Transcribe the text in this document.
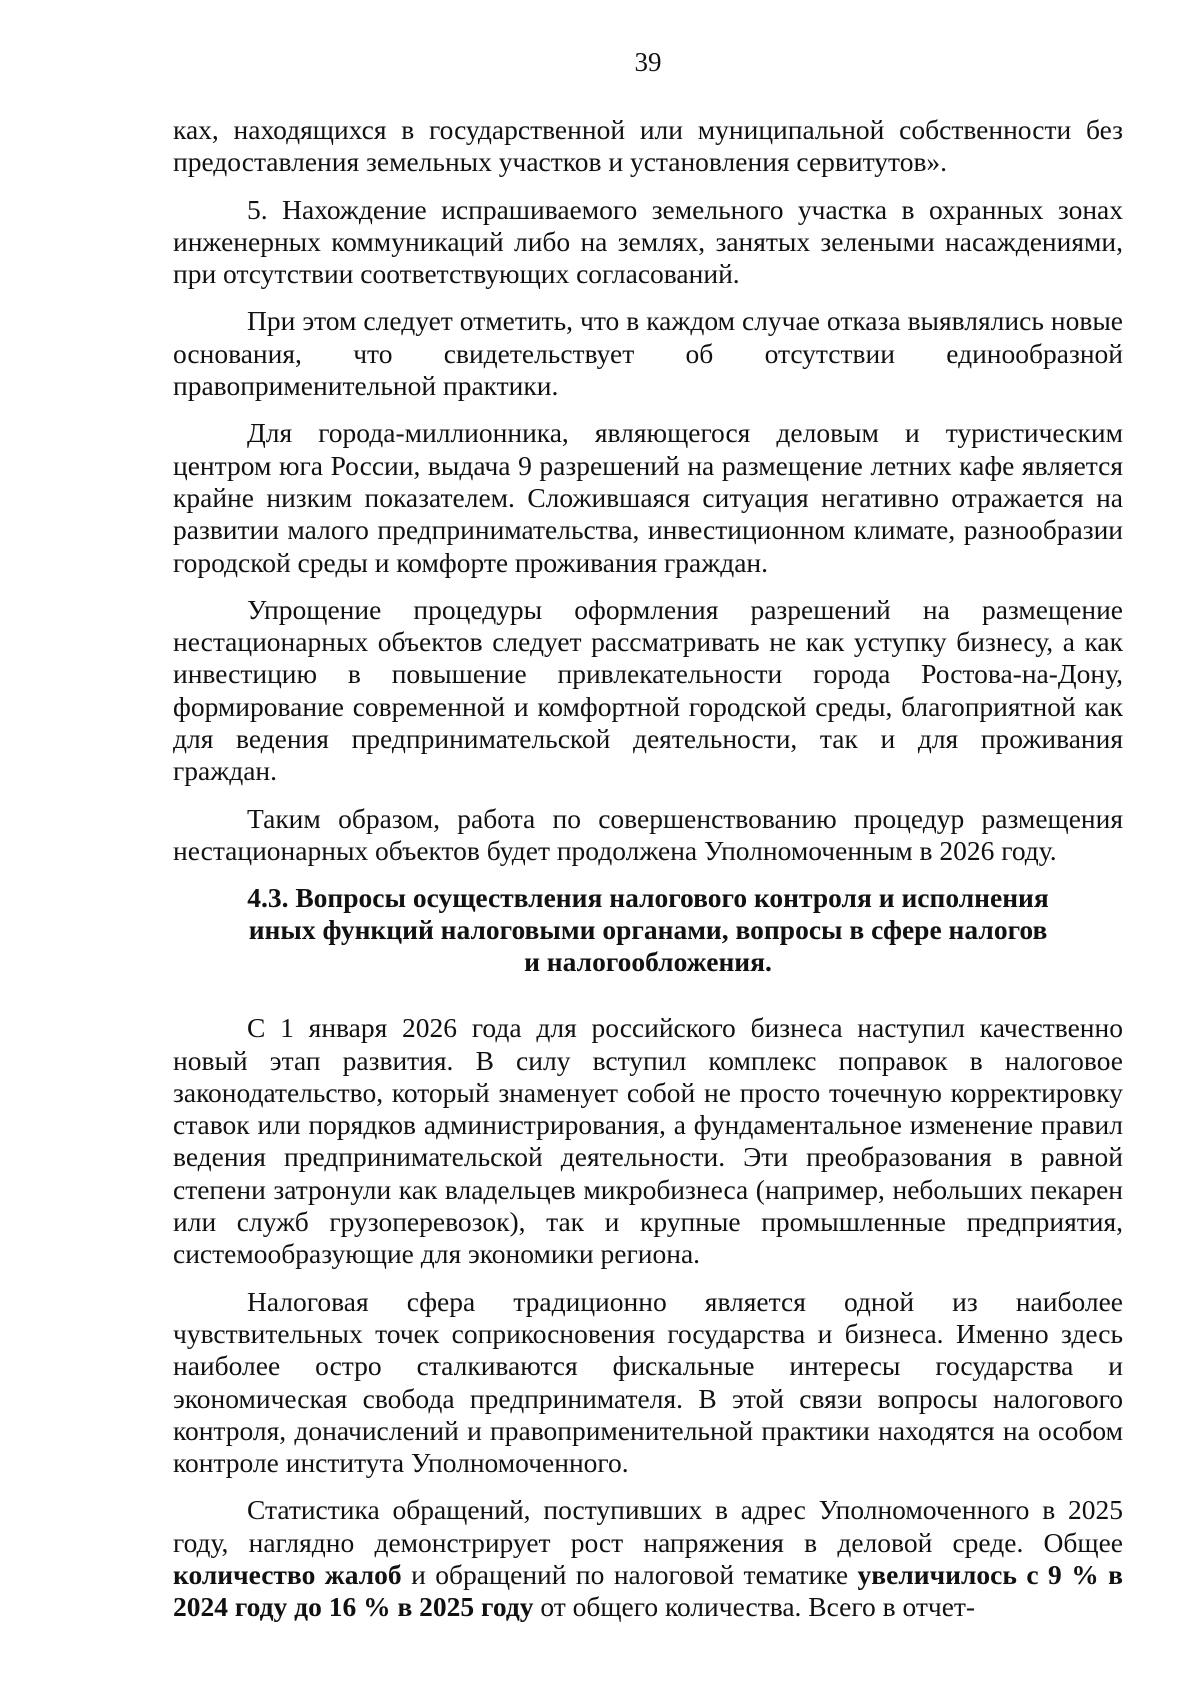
39

ках, находящихся в государственной или муниципальной собственности без предоставления земельных участков и установления сервитутов».

5. Нахождение испрашиваемого земельного участка в охранных зонах инженерных коммуникаций либо на землях, занятых зелеными насаждениями, при отсутствии соответствующих согласований.

При этом следует отметить, что в каждом случае отказа выявлялись новые основания, что свидетельствует об отсутствии единообразной правоприменительной практики.

Для города-миллионника, являющегося деловым и туристическим центром юга России, выдача 9 разрешений на размещение летних кафе является крайне низким показателем. Сложившаяся ситуация негативно отражается на развитии малого предпринимательства, инвестиционном климате, разнообразии городской среды и комфорте проживания граждан.

Упрощение процедуры оформления разрешений на размещение нестационарных объектов следует рассматривать не как уступку бизнесу, а как инвестицию в повышение привлекательности города Ростова-на-Дону, формирование современной и комфортной городской среды, благоприятной как для ведения предпринимательской деятельности, так и для проживания граждан.

Таким образом, работа по совершенствованию процедур размещения нестационарных объектов будет продолжена Уполномоченным в 2026 году.

4.3. Вопросы осуществления налогового контроля и исполнения
иных функций налоговыми органами, вопросы в сфере налогов
и налогообложения.

С 1 января 2026 года для российского бизнеса наступил качественно новый этап развития. В силу вступил комплекс поправок в налоговое законодательство, который знаменует собой не просто точечную корректировку ставок или порядков администрирования, а фундаментальное изменение правил ведения предпринимательской деятельности. Эти преобразования в равной степени затронули как владельцев микробизнеса (например, небольших пекарен или служб грузоперевозок), так и крупные промышленные предприятия, системообразующие для экономики региона.

Налоговая сфера традиционно является одной из наиболее чувствительных точек соприкосновения государства и бизнеса. Именно здесь наиболее остро сталкиваются фискальные интересы государства и экономическая свобода предпринимателя. В этой связи вопросы налогового контроля, доначислений и правоприменительной практики находятся на особом контроле института Уполномоченного.

Статистика обращений, поступивших в адрес Уполномоченного в 2025 году, наглядно демонстрирует рост напряжения в деловой среде. Общее количество жалоб и обращений по налоговой тематике увеличилось с 9 % в 2024 году до 16 % в 2025 году от общего количества. Всего в отчет-
